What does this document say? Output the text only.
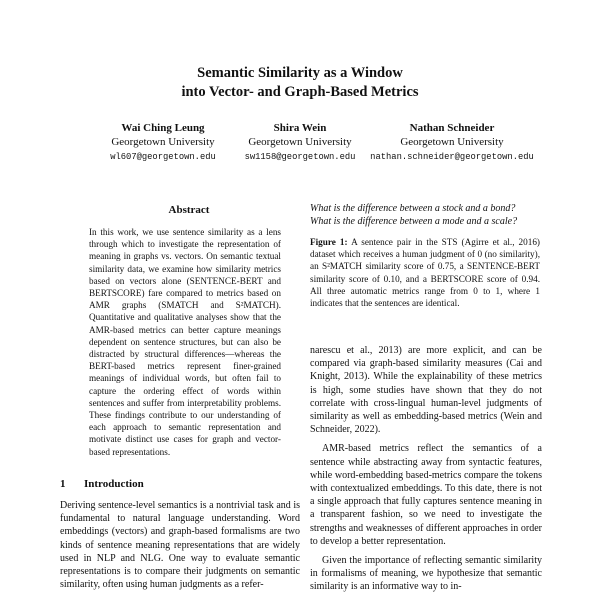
Semantic Similarity as a Window
into Vector- and Graph-Based Metrics
Wai Ching Leung
Georgetown University
wl607@georgetown.edu
Shira Wein
Georgetown University
sw1158@georgetown.edu
Nathan Schneider
Georgetown University
nathan.schneider@georgetown.edu
Abstract

In this work, we use sentence similarity as a lens through which to investigate the representation of meaning in graphs vs. vectors. On semantic textual similarity data, we examine how similarity metrics based on vectors alone (SENTENCE-BERT and BERTSCORE) fare compared to metrics based on AMR graphs (SMATCH and S²MATCH). Quantitative and qualitative analyses show that the AMR-based metrics can better capture meanings dependent on sentence structures, but can also be distracted by structural differences—whereas the BERT-based metrics represent finer-grained meanings of individual words, but often fail to capture the ordering effect of words within sentences and suffer from interpretability problems. These findings contribute to our understanding of each approach to semantic representation and motivate distinct use cases for graph and vector-based representations.

1 Introduction

Deriving sentence-level semantics is a nontrivial task and is fundamental to natural language understanding. Word embeddings (vectors) and graph-based formalisms are two kinds of sentence meaning representations that are widely used in NLP and NLG. One way to evaluate semantic representations is to compare their judgments on semantic similarity, often using human judgments as a refer-

What is the difference between a stock and a bond?
What is the difference between a mode and a scale?

Figure 1: A sentence pair in the STS (Agirre et al., 2016) dataset which receives a human judgment of 0 (no similarity), an S²MATCH similarity score of 0.75, a SENTENCE-BERT similarity score of 0.10, and a BERTSCORE score of 0.94. All three automatic metrics range from 0 to 1, where 1 indicates that the sentences are identical.

narescu et al., 2013) are more explicit, and can be compared via graph-based similarity measures (Cai and Knight, 2013). While the explainability of these metrics is high, some studies have shown that they do not correlate with cross-lingual human-level judgments of similarity as well as embedding-based metrics (Wein and Schneider, 2022).

AMR-based metrics reflect the semantics of a sentence while abstracting away from syntactic features, while word-embedding based-metrics compare the tokens with contextualized embeddings. To this date, there is not a single approach that fully captures sentence meaning in a transparent fashion, so we need to investigate the strengths and weaknesses of different approaches in order to develop a better representation.

Given the importance of reflecting semantic similarity in formalisms of meaning, we hypothesize that semantic similarity is an informative way to in-
